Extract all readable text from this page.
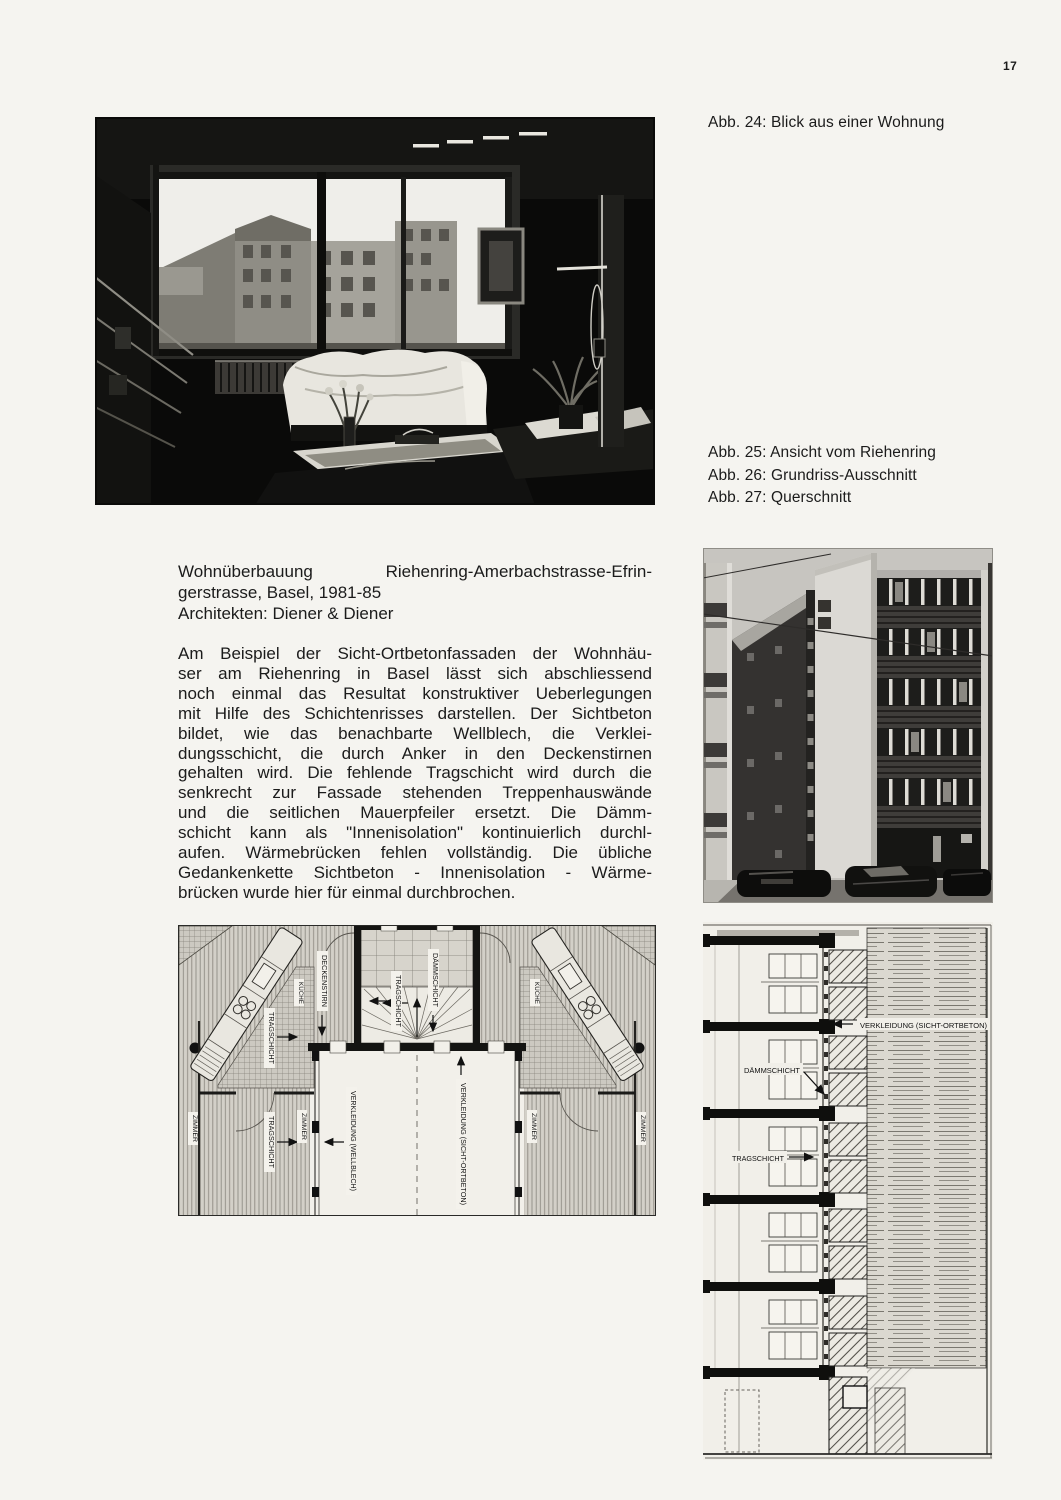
17
Abb. 24: Blick aus einer Wohnung
Abb. 25: Ansicht vom Riehenring
Abb. 26: Grundriss-Ausschnitt
Abb. 27: Querschnitt
Wohnüberbauung	Riehenring-Amerbachstrasse-Efrin-
gerstrasse, Basel, 1981-85
Architekten: Diener & Diener
Am Beispiel der Sicht-Ortbetonfassaden der Wohnhäu-
ser am Riehenring in Basel lässt sich abschliessend
noch einmal das Resultat konstruktiver Ueberlegungen
mit Hilfe des Schichtenrisses darstellen. Der Sichtbeton
bildet, wie das benachbarte Wellblech, die Verklei-
dungsschicht, die durch Anker in den Deckenstirnen
gehalten wird. Die fehlende Tragschicht wird durch die
senkrecht zur Fassade stehenden Treppenhauswände
und die seitlichen Mauerpfeiler ersetzt. Die Dämm-
schicht kann als "Innenisolation" kontinuierlich durchl-
aufen. Wärmebrücken fehlen vollständig. Die übliche
Gedankenkette Sichtbeton - Innenisolation - Wärme-
brücken wurde hier für einmal durchbrochen.
DECKENSTIRN	TRAGSCHICHT	DÄMMSCHICHT
TRAGSCHICHT
TRAGSCHICHT	VERKLEIDUNG (WELLBLECH)	VERKLEIDUNG (SICHT-ORTBETON)
ZIMMER	ZIMMER	ZIMMER	ZIMMER
KÜCHE	KÜCHE
VERKLEIDUNG (SICHT-ORTBETON)
DÄMMSCHICHT
TRAGSCHICHT
